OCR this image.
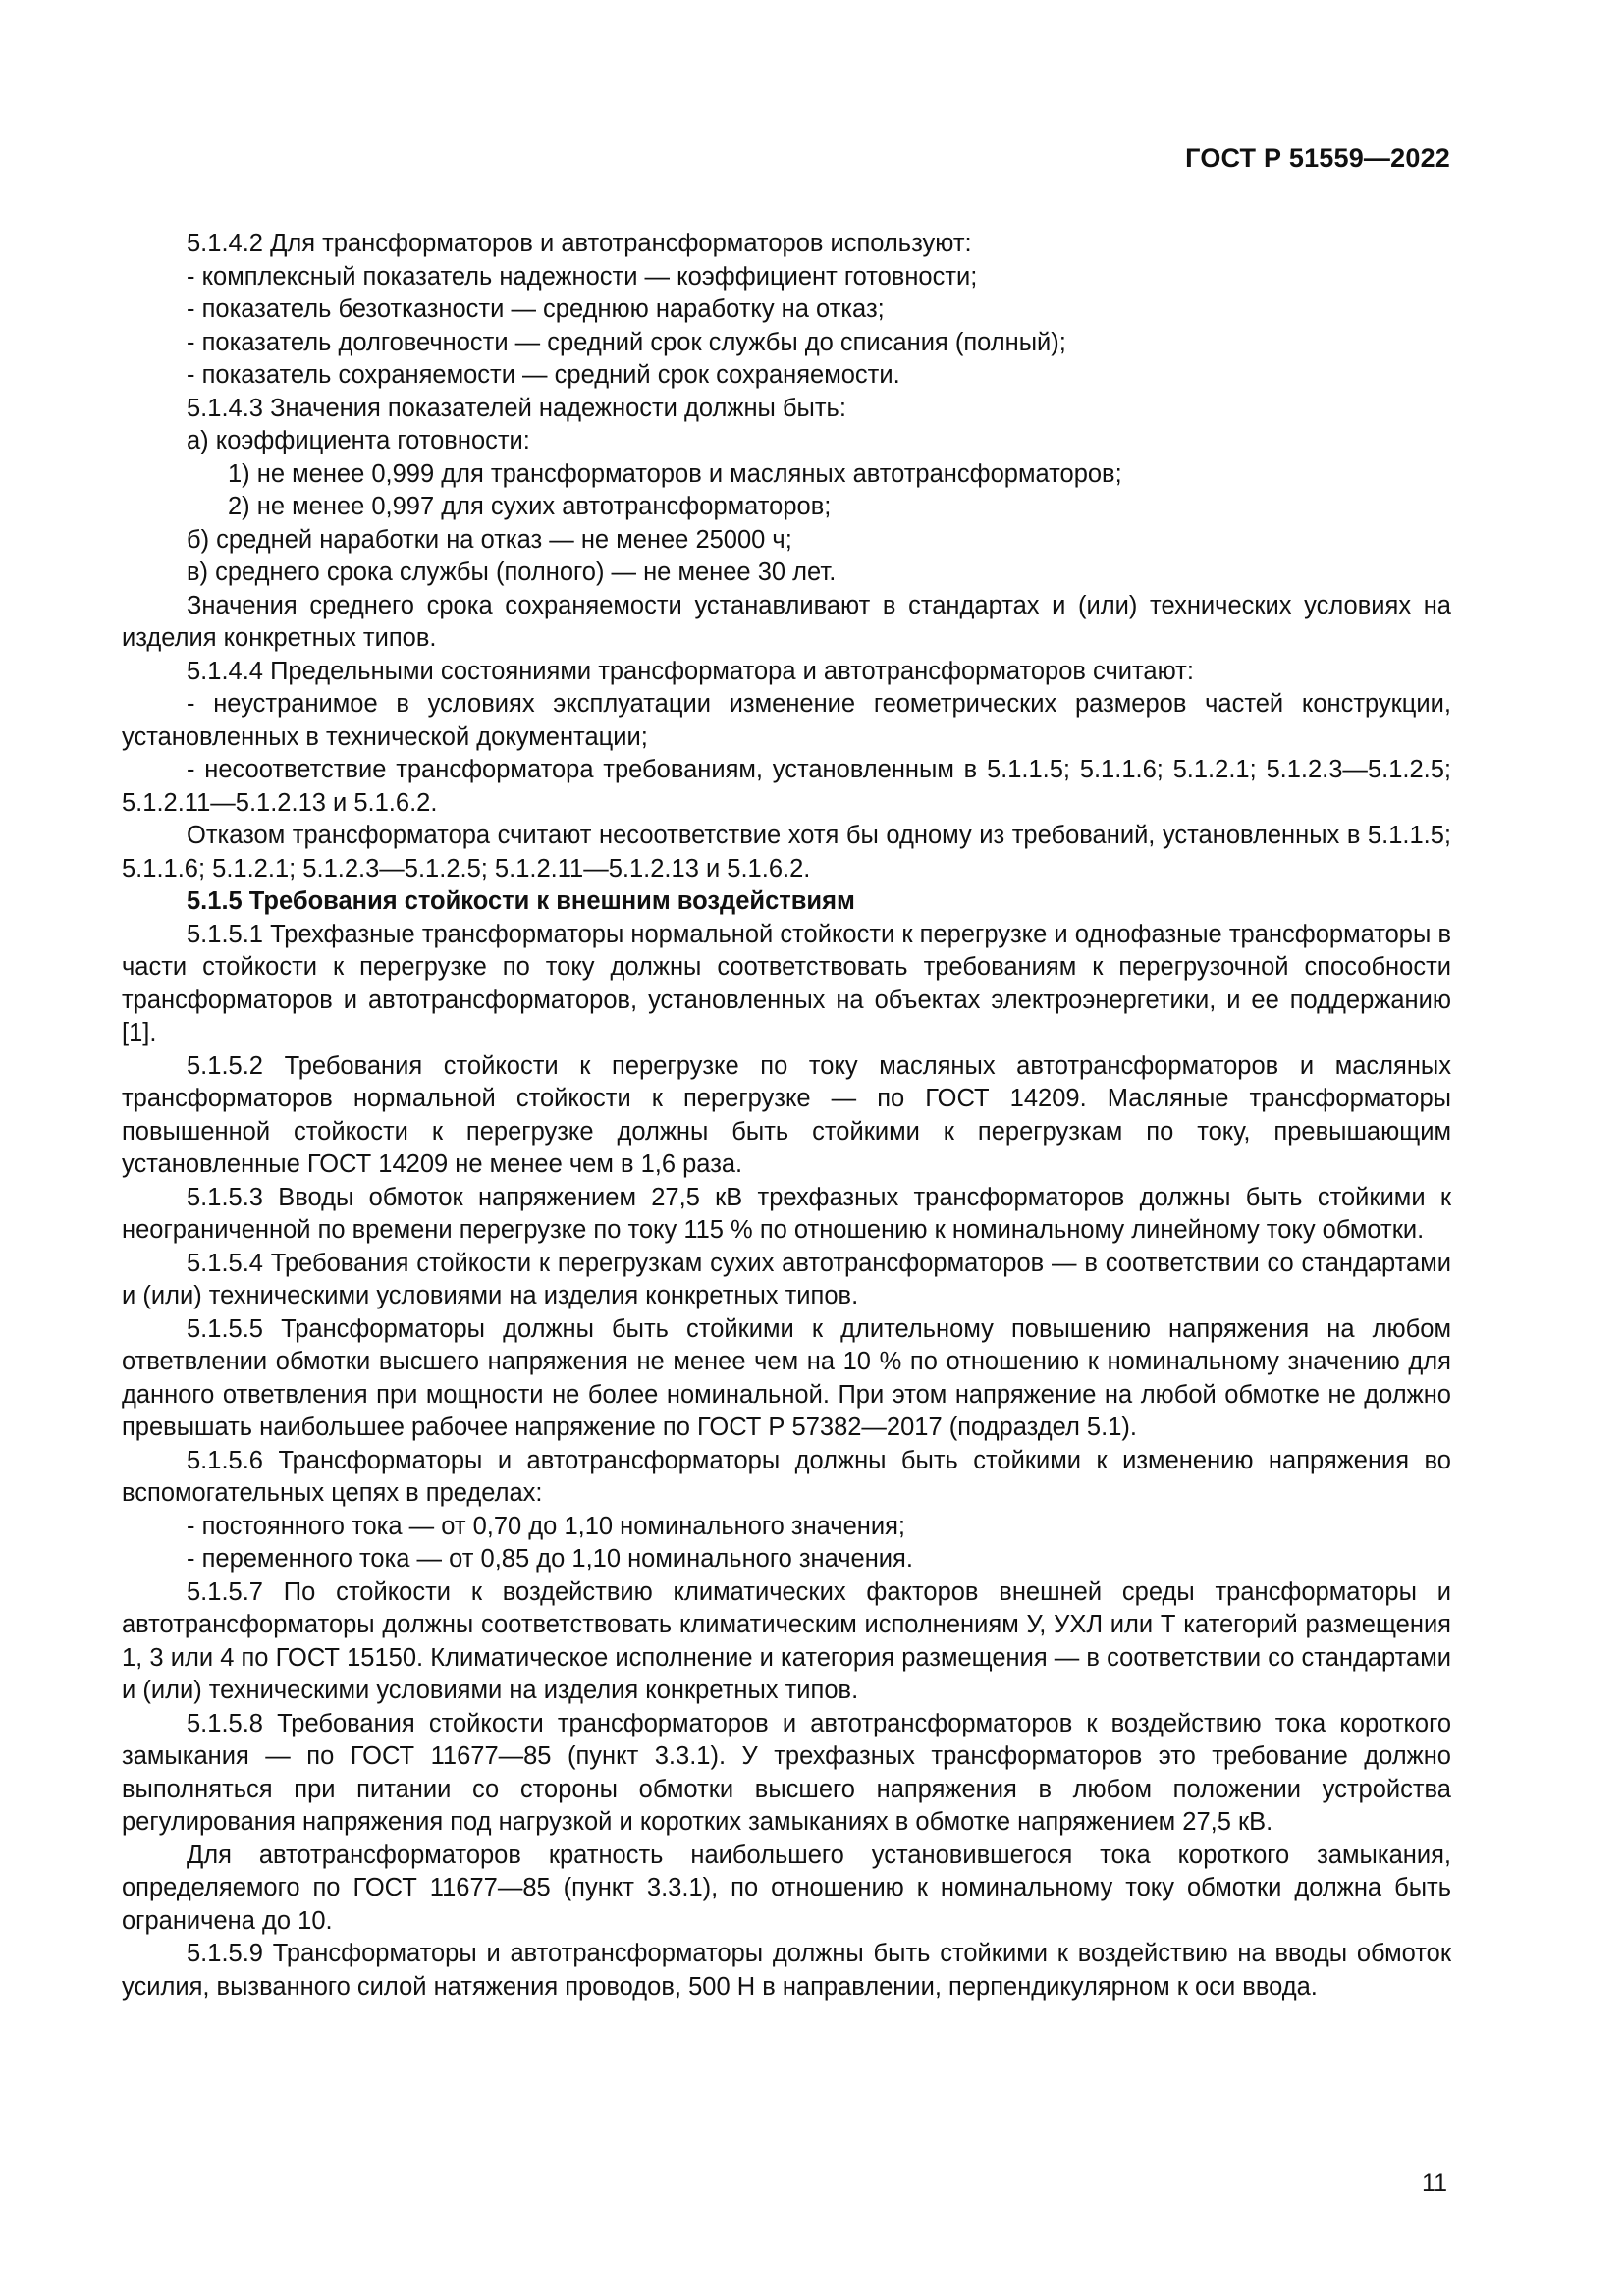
ГОСТ Р 51559—2022

5.1.4.2 Для трансформаторов и автотрансформаторов используют:

- комплексный показатель надежности — коэффициент готовности;

- показатель безотказности — среднюю наработку на отказ;

- показатель долговечности — средний срок службы до списания (полный);

- показатель сохраняемости — средний срок сохраняемости.

5.1.4.3 Значения показателей надежности должны быть:

а) коэффициента готовности:

1) не менее 0,999 для трансформаторов и масляных автотрансформаторов;

2) не менее 0,997 для сухих автотрансформаторов;

б) средней наработки на отказ — не менее 25000 ч;

в) среднего срока службы (полного) — не менее 30 лет.

Значения среднего срока сохраняемости устанавливают в стандартах и (или) технических условиях на изделия конкретных типов.

5.1.4.4 Предельными состояниями трансформатора и автотрансформаторов считают:

- неустранимое в условиях эксплуатации изменение геометрических размеров частей конструкции, установленных в технической документации;

- несоответствие трансформатора требованиям, установленным в 5.1.1.5; 5.1.1.6; 5.1.2.1; 5.1.2.3—5.1.2.5; 5.1.2.11—5.1.2.13 и 5.1.6.2.

Отказом трансформатора считают несоответствие хотя бы одному из требований, установленных в 5.1.1.5; 5.1.1.6; 5.1.2.1; 5.1.2.3—5.1.2.5; 5.1.2.11—5.1.2.13 и 5.1.6.2.

5.1.5 Требования стойкости к внешним воздействиям

5.1.5.1 Трехфазные трансформаторы нормальной стойкости к перегрузке и однофазные трансформаторы в части стойкости к перегрузке по току должны соответствовать требованиям к перегрузочной способности трансформаторов и автотрансформаторов, установленных на объектах электроэнергетики, и ее поддержанию [1].

5.1.5.2 Требования стойкости к перегрузке по току масляных автотрансформаторов и масляных трансформаторов нормальной стойкости к перегрузке — по ГОСТ 14209. Масляные трансформаторы повышенной стойкости к перегрузке должны быть стойкими к перегрузкам по току, превышающим установленные ГОСТ 14209 не менее чем в 1,6 раза.

5.1.5.3 Вводы обмоток напряжением 27,5 кВ трехфазных трансформаторов должны быть стойкими к неограниченной по времени перегрузке по току 115 % по отношению к номинальному линейному току обмотки.

5.1.5.4 Требования стойкости к перегрузкам сухих автотрансформаторов — в соответствии со стандартами и (или) техническими условиями на изделия конкретных типов.

5.1.5.5 Трансформаторы должны быть стойкими к длительному повышению напряжения на любом ответвлении обмотки высшего напряжения не менее чем на 10 % по отношению к номинальному значению для данного ответвления при мощности не более номинальной. При этом напряжение на любой обмотке не должно превышать наибольшее рабочее напряжение по ГОСТ Р 57382—2017 (подраздел 5.1).

5.1.5.6 Трансформаторы и автотрансформаторы должны быть стойкими к изменению напряжения во вспомогательных цепях в пределах:

- постоянного тока — от 0,70 до 1,10 номинального значения;

- переменного тока — от 0,85 до 1,10 номинального значения.

5.1.5.7 По стойкости к воздействию климатических факторов внешней среды трансформаторы и автотрансформаторы должны соответствовать климатическим исполнениям У, УХЛ или Т категорий размещения 1, 3 или 4 по ГОСТ 15150. Климатическое исполнение и категория размещения — в соответствии со стандартами и (или) техническими условиями на изделия конкретных типов.

5.1.5.8 Требования стойкости трансформаторов и автотрансформаторов к воздействию тока короткого замыкания — по ГОСТ 11677—85 (пункт 3.3.1). У трехфазных трансформаторов это требование должно выполняться при питании со стороны обмотки высшего напряжения в любом положении устройства регулирования напряжения под нагрузкой и коротких замыканиях в обмотке напряжением 27,5 кВ.

Для автотрансформаторов кратность наибольшего установившегося тока короткого замыкания, определяемого по ГОСТ 11677—85 (пункт 3.3.1), по отношению к номинальному току обмотки должна быть ограничена до 10.

5.1.5.9 Трансформаторы и автотрансформаторы должны быть стойкими к воздействию на вводы обмоток усилия, вызванного силой натяжения проводов, 500 Н в направлении, перпендикулярном к оси ввода.

11
